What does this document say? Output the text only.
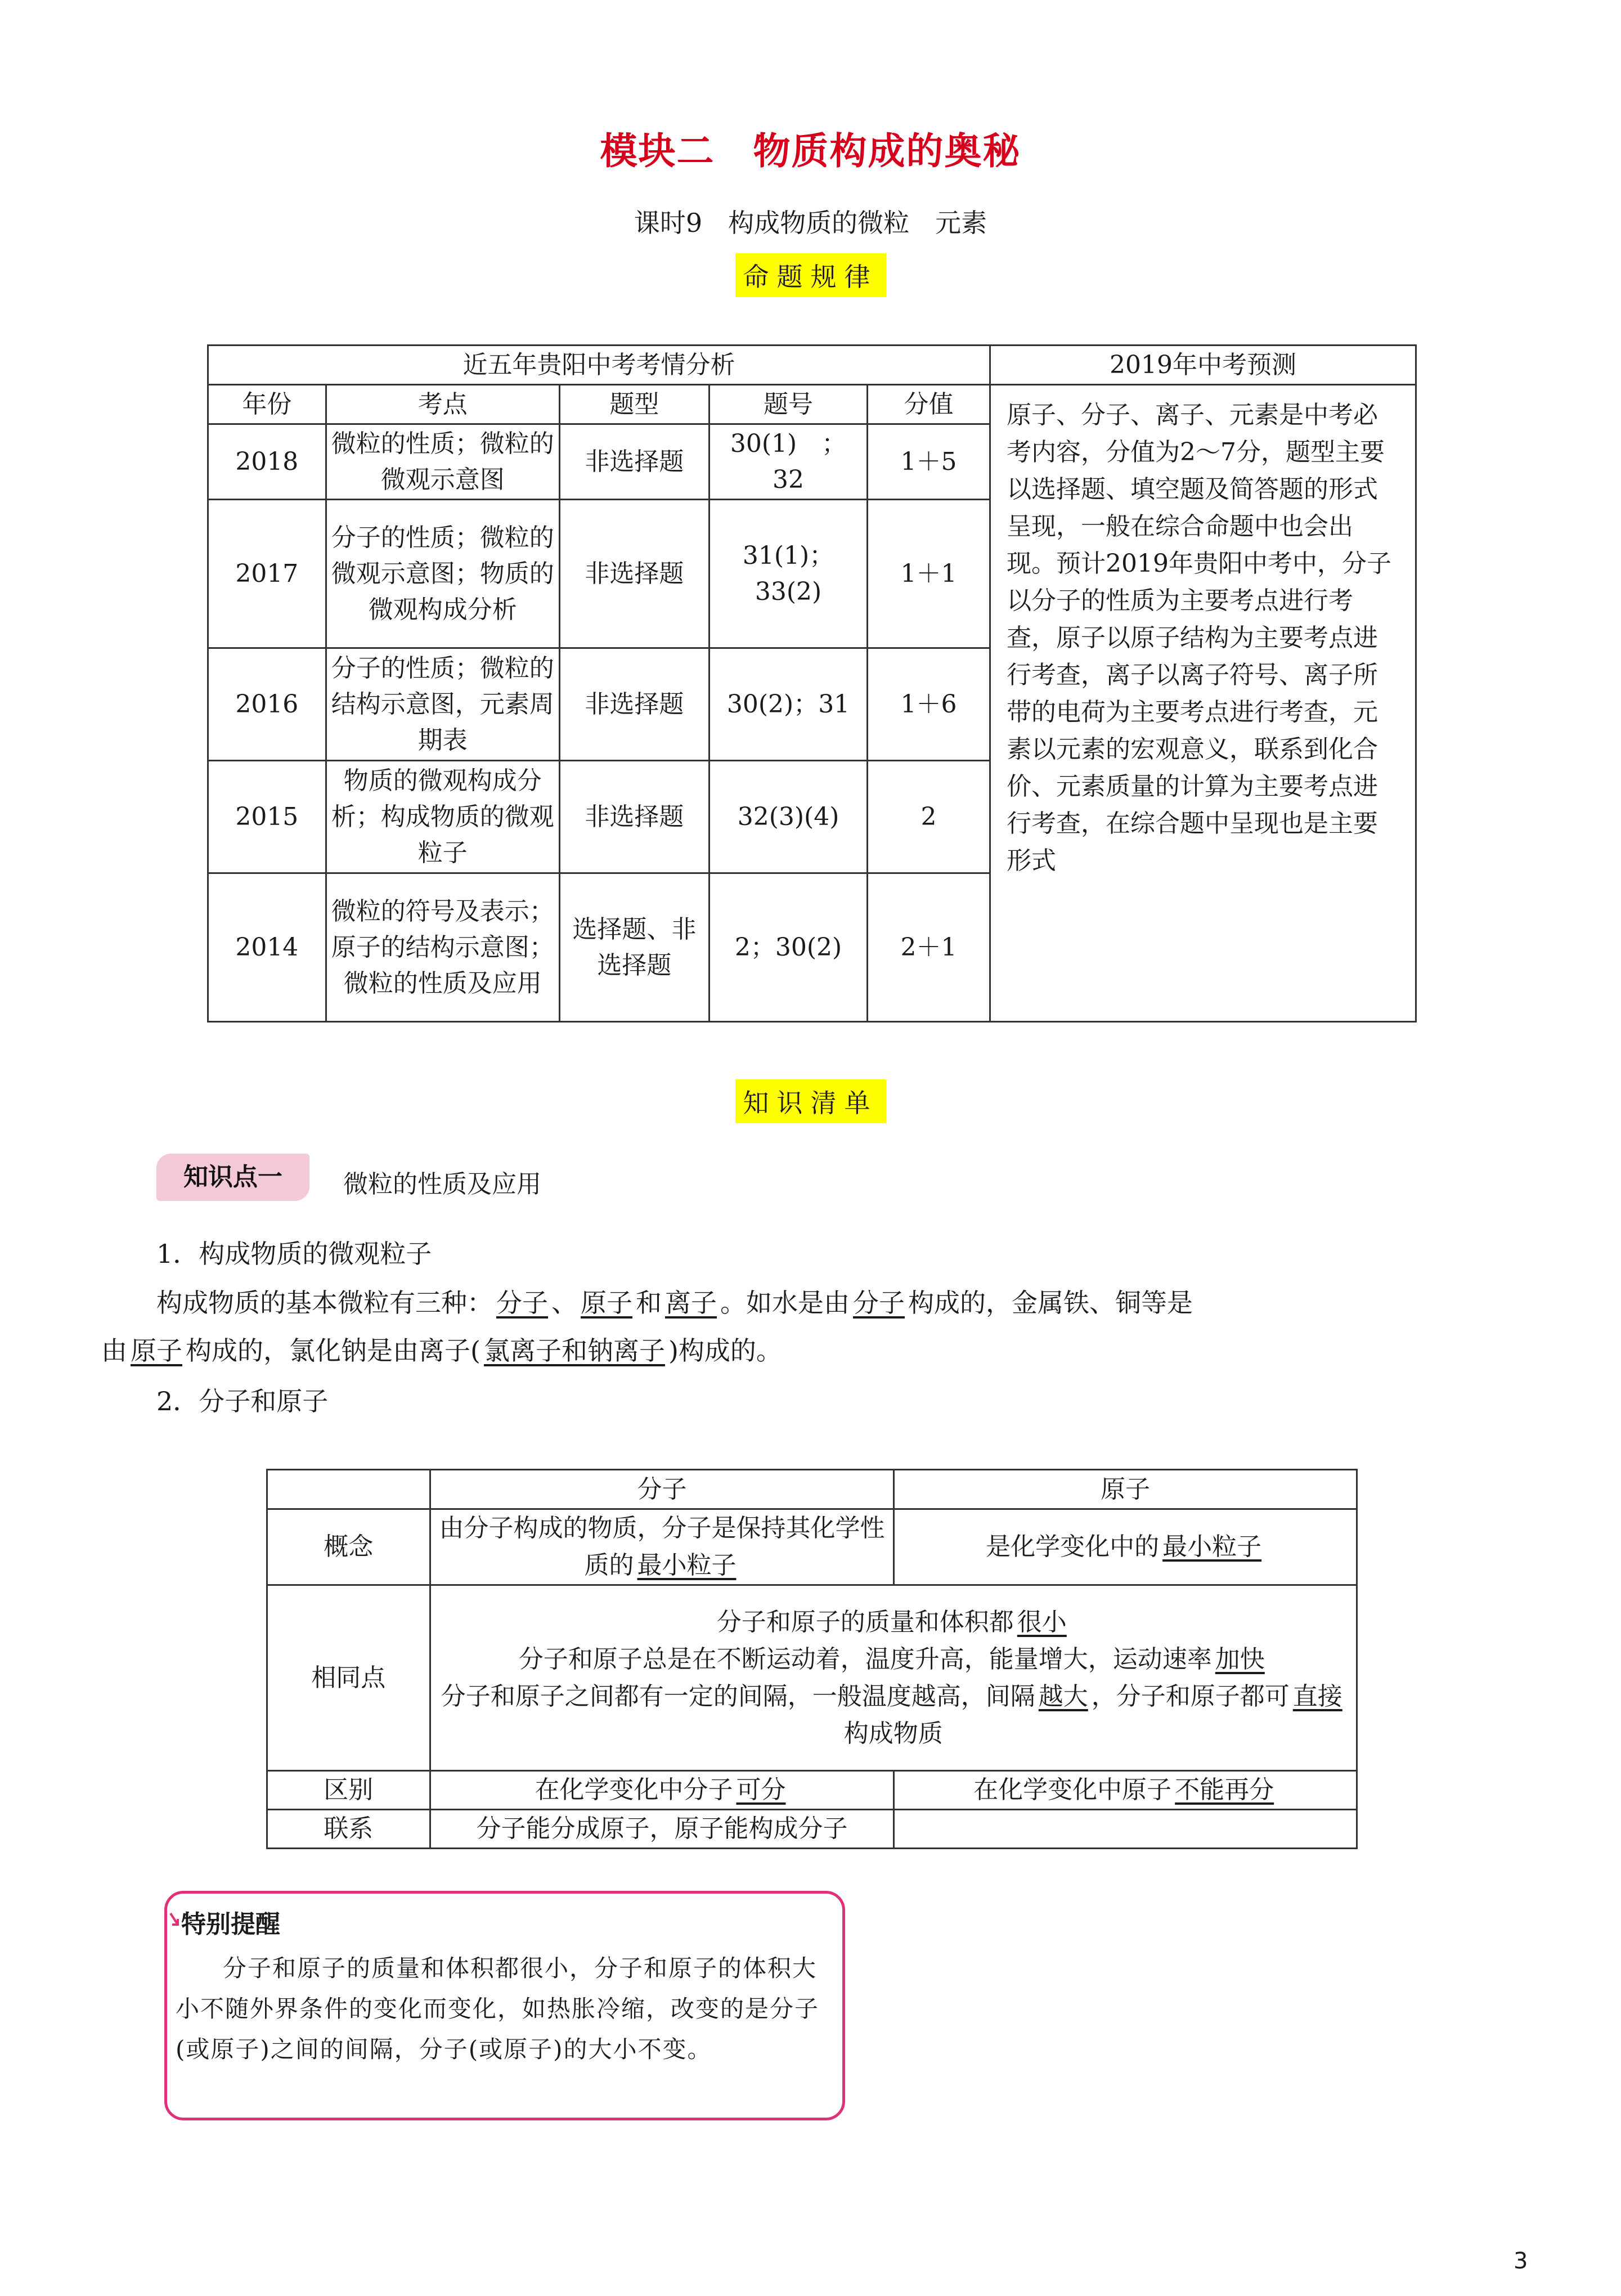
模块二　物质构成的奥秘
课时9　构成物质的微粒　元素
命题规律
近五年贵阳中考考情分析					2019年中考预测
年份	考点	题型	题号	分值	原子、分子、离子、元素是中考必考内容，分值为2～7分，题型主要以选择题、填空题及简答题的形式呈现，一般在综合命题中也会出现。预计2019年贵阳中考中，分子以分子的性质为主要考点进行考查，原子以原子结构为主要考点进行考查，离子以离子符号、离子所带的电荷为主要考点进行考查，元素以元素的宏观意义，联系到化合价、元素质量的计算为主要考点进行考查，在综合题中呈现也是主要形式
2018	微粒的性质；微粒的微观示意图	非选择题	30(1)　；32	1＋5	
2017	分子的性质；微粒的微观示意图；物质的微观构成分析	非选择题	31(1)；33(2)	1＋1	
2016	分子的性质；微粒的结构示意图，元素周期表	非选择题	30(2)；31	1＋6	
2015	物质的微观构成分析；构成物质的微观粒子	非选择题	32(3)(4)	2	
2014	微粒的符号及表示；原子的结构示意图；微粒的性质及应用	选择题、非选择题	2；30(2)	2＋1	
知识清单
知识点一	微粒的性质及应用
1．构成物质的微观粒子
构成物质的基本微粒有三种： 分子 、 原子 和 离子 。如水是由 分子 构成的，金属铁、铜等是
由 原子 构成的，氯化钠是由离子( 氯离子和钠离子 )构成的。
2．分子和原子
	分子	原子
概念	由分子构成的物质，分子是保持其化学性质的 最小粒子	是化学变化中的 最小粒子
相同点	分子和原子的质量和体积都 很小
分子和原子总是在不断运动着，温度升高，能量增大，运动速率 加快
分子和原子之间都有一定的间隔，一般温度越高，间隔 越大 ，分子和原子都可 直接构成物质	

区别	在化学变化中分子 可分	在化学变化中原子 不能再分
联系	分子能分成原子，原子能构成分子	
特别提醒
分子和原子的质量和体积都很小，分子和原子的体积大小不随外界条件的变化而变化，如热胀冷缩，改变的是分子(或原子)之间的间隔，分子(或原子)的大小不变。
3
